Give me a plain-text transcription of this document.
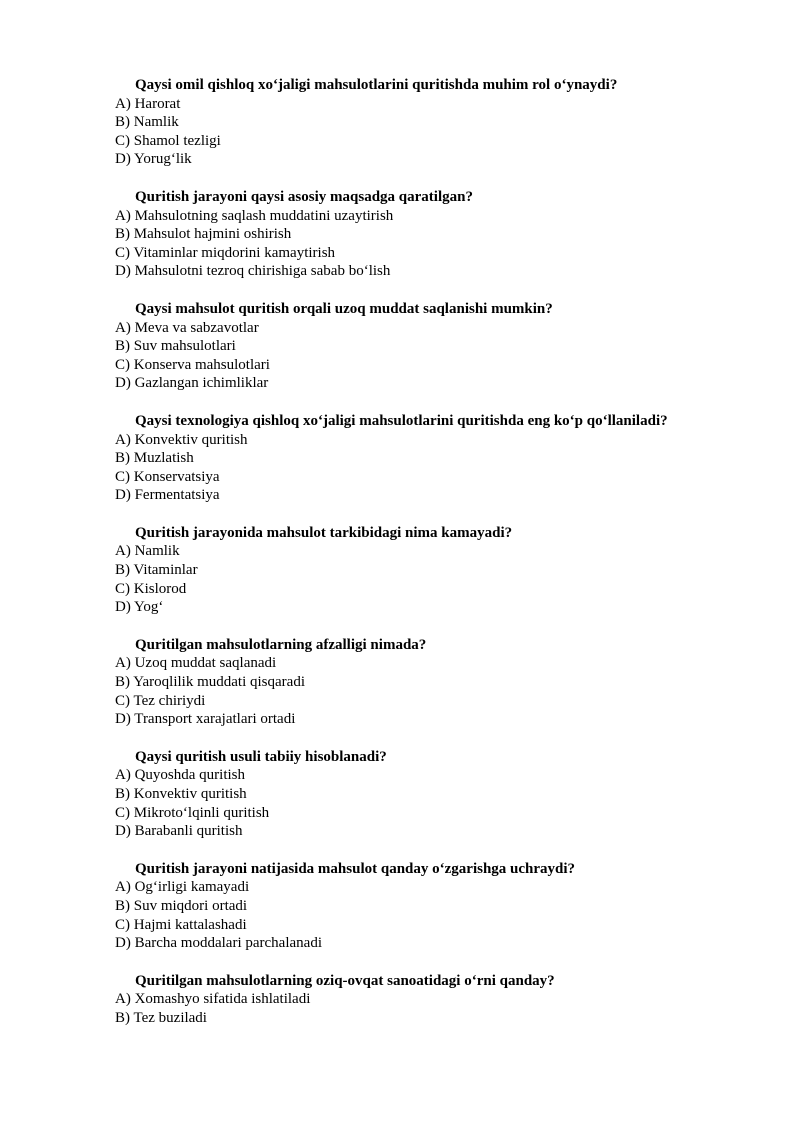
Qaysi omil qishloq xo‘jaligi mahsulotlarini quritishda muhim rol o‘ynaydi?
A) Harorat
B) Namlik
C) Shamol tezligi
D) Yorug‘lik
Quritish jarayoni qaysi asosiy maqsadga qaratilgan?
A) Mahsulotning saqlash muddatini uzaytirish
B) Mahsulot hajmini oshirish
C) Vitaminlar miqdorini kamaytirish
D) Mahsulotni tezroq chirishiga sabab bo‘lish
Qaysi mahsulot quritish orqali uzoq muddat saqlanishi mumkin?
A) Meva va sabzavotlar
B) Suv mahsulotlari
C) Konserva mahsulotlari
D) Gazlangan ichimliklar
Qaysi texnologiya qishloq xo‘jaligi mahsulotlarini quritishda eng ko‘p qo‘llaniladi?
A) Konvektiv quritish
B) Muzlatish
C) Konservatsiya
D) Fermentatsiya
Quritish jarayonida mahsulot tarkibidagi nima kamayadi?
A) Namlik
B) Vitaminlar
C) Kislorod
D) Yog‘
Quritilgan mahsulotlarning afzalligi nimada?
A) Uzoq muddat saqlanadi
B) Yaroqlilik muddati qisqaradi
C) Tez chiriydi
D) Transport xarajatlari ortadi
Qaysi quritish usuli tabiiy hisoblanadi?
A) Quyoshda quritish
B) Konvektiv quritish
C) Mikroto‘lqinli quritish
D) Barabanli quritish
Quritish jarayoni natijasida mahsulot qanday o‘zgarishga uchraydi?
A) Og‘irligi kamayadi
B) Suv miqdori ortadi
C) Hajmi kattalashadi
D) Barcha moddalari parchalanadi
Quritilgan mahsulotlarning oziq-ovqat sanoatidagi o‘rni qanday?
A) Xomashyo sifatida ishlatiladi
B) Tez buziladi
